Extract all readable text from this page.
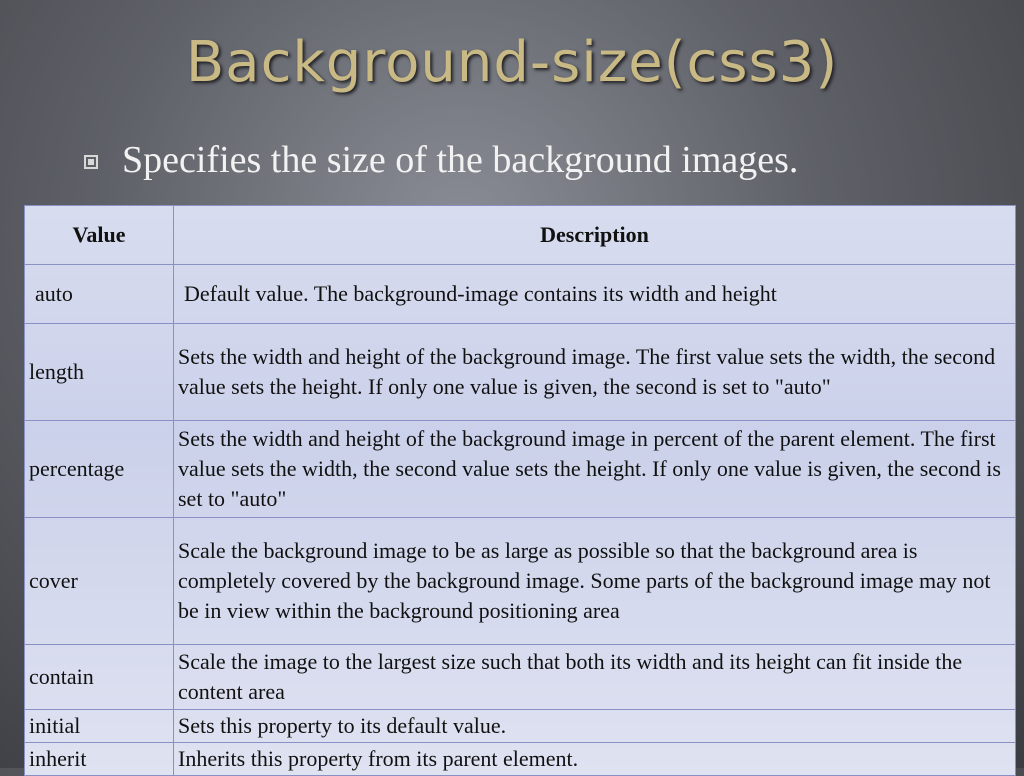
Background-size(css3)
Specifies the size of the background images.
Value	Description
auto	Default value. The background-image contains its width and height
length	Sets the width and height of the background image. The first value sets the width, the second value sets the height. If only one value is given, the second is set to "auto"
percentage	Sets the width and height of the background image in percent of the parent element. The first value sets the width, the second value sets the height. If only one value is given, the second is set to "auto"
cover	Scale the background image to be as large as possible so that the background area is completely covered by the background image. Some parts of the background image may not be in view within the background positioning area
contain	Scale the image to the largest size such that both its width and its height can fit inside the content area
initial	Sets this property to its default value.
inherit	Inherits this property from its parent element.
